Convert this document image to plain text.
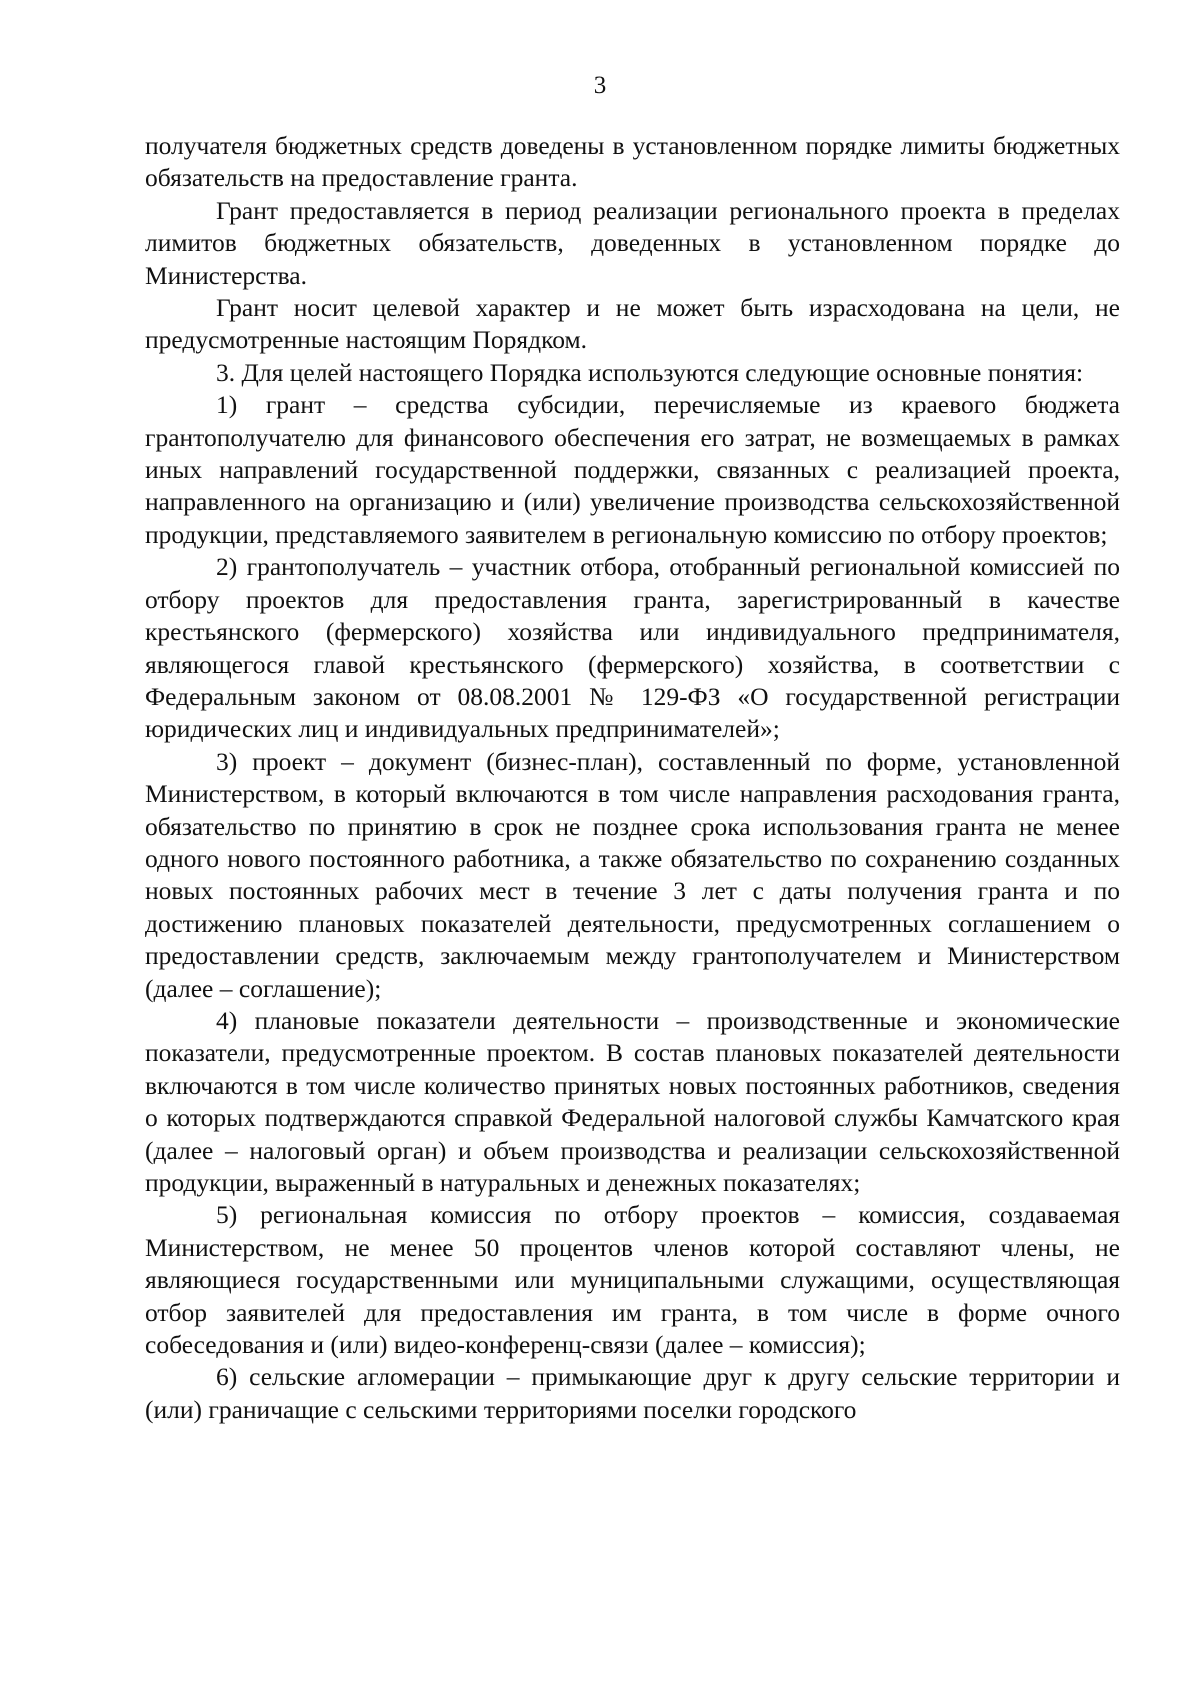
3

получателя бюджетных средств доведены в установленном порядке лимиты бюджетных обязательств на предоставление гранта.

Грант предоставляется в период реализации регионального проекта в пределах лимитов бюджетных обязательств, доведенных в установленном порядке до Министерства.

Грант носит целевой характер и не может быть израсходована на цели, не предусмотренные настоящим Порядком.

3. Для целей настоящего Порядка используются следующие основные понятия:

1) грант – средства субсидии, перечисляемые из краевого бюджета грантополучателю для финансового обеспечения его затрат, не возмещаемых в рамках иных направлений государственной поддержки, связанных с реализацией проекта, направленного на организацию и (или) увеличение производства сельскохозяйственной продукции, представляемого заявителем в региональную комиссию по отбору проектов;

2) грантополучатель – участник отбора, отобранный региональной комиссией по отбору проектов для предоставления гранта, зарегистрированный в качестве крестьянского (фермерского) хозяйства или индивидуального предпринимателя, являющегося главой крестьянского (фермерского) хозяйства, в соответствии с Федеральным законом от 08.08.2001 № 129-ФЗ «О государственной регистрации юридических лиц и индивидуальных предпринимателей»;

3) проект – документ (бизнес-план), составленный по форме, установленной Министерством, в который включаются в том числе направления расходования гранта, обязательство по принятию в срок не позднее срока использования гранта не менее одного нового постоянного работника, а также обязательство по сохранению созданных новых постоянных рабочих мест в течение 3 лет с даты получения гранта и по достижению плановых показателей деятельности, предусмотренных соглашением о предоставлении средств, заключаемым между грантополучателем и Министерством (далее – соглашение);

4) плановые показатели деятельности – производственные и экономические показатели, предусмотренные проектом. В состав плановых показателей деятельности включаются в том числе количество принятых новых постоянных работников, сведения о которых подтверждаются справкой Федеральной налоговой службы Камчатского края (далее – налоговый орган) и объем производства и реализации сельскохозяйственной продукции, выраженный в натуральных и денежных показателях;

5) региональная комиссия по отбору проектов – комиссия, создаваемая Министерством, не менее 50 процентов членов которой составляют члены, не являющиеся государственными или муниципальными служащими, осуществляющая отбор заявителей для предоставления им гранта, в том числе в форме очного собеседования и (или) видео-конференц-связи (далее – комиссия);

6) сельские агломерации – примыкающие друг к другу сельские территории и (или) граничащие с сельскими территориями поселки городского
